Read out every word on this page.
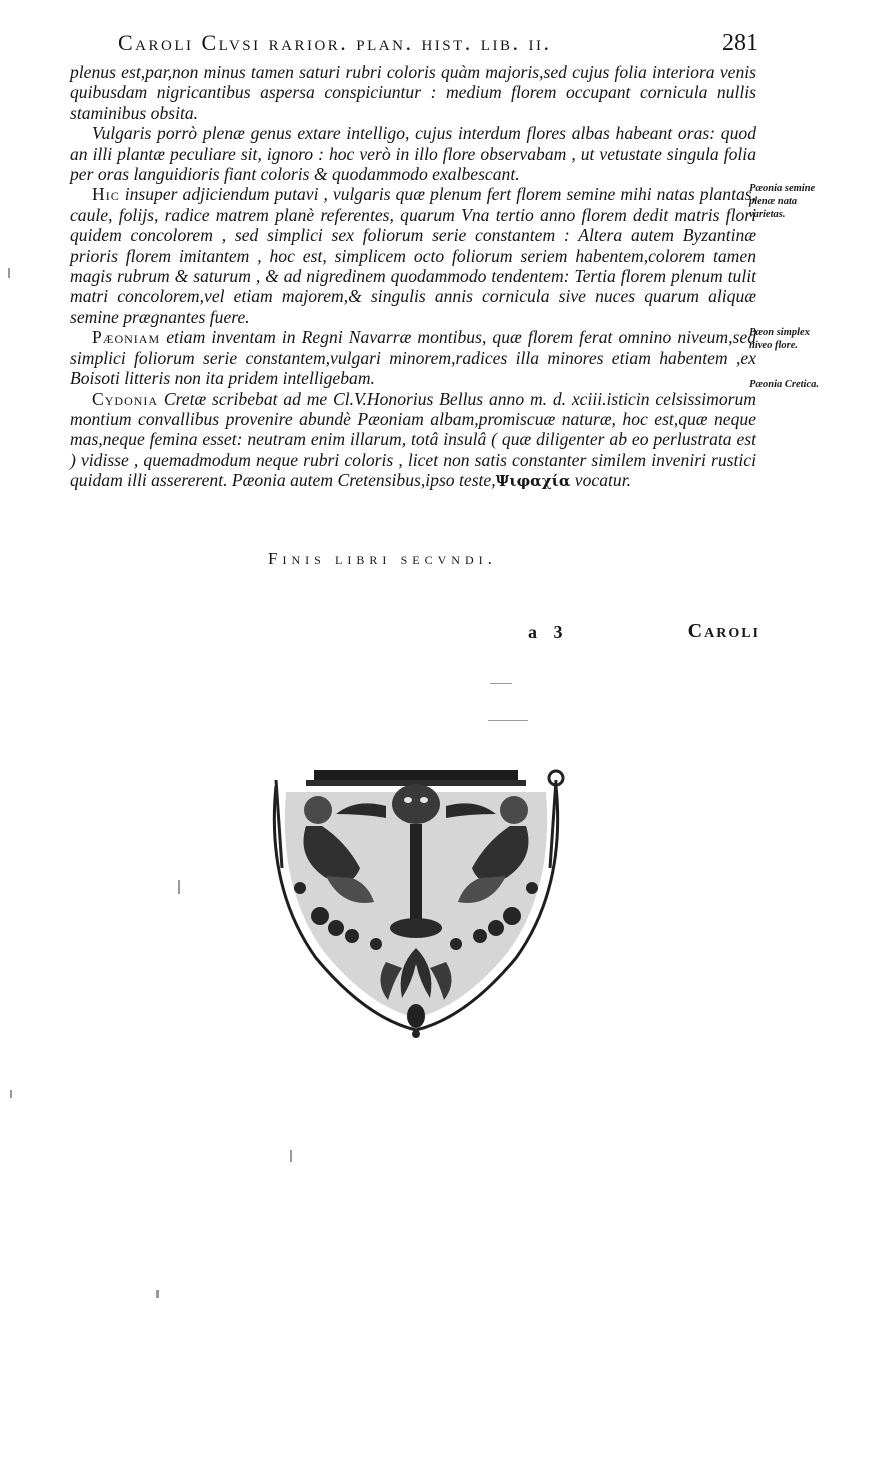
Caroli Clvsi rarior. plan. hist. lib. ii.	281

plenus est,par,non minus tamen saturi rubri coloris quàm majoris,sed cujus folia interiora venis quibusdam nigricantibus aspersa conspiciuntur : medium florem occupant cornicula nullis staminibus obsita.

Vulgaris porrò plenæ genus extare intelligo, cujus interdum flores albas habeant oras: quod an illi plantæ peculiare sit, ignoro : hoc verò in illo flore observabam , ut vetustate singula folia per oras languidioris fiant coloris & quodammodo exalbescant.

Hic insuper adjiciendum putavi , vulgaris quæ plenum fert florem semine mihi natas plantas, caule, folijs, radice matrem planè referentes, quarum Vna tertio anno florem dedit matris flori quidem concolorem , sed simplici sex foliorum serie constantem : Altera autem Byzantinæ prioris florem imitantem , hoc est, simplicem octo foliorum seriem habentem,colorem tamen magis rubrum & saturum , & ad nigredinem quodammodo tendentem: Tertia florem plenum tulit matri concolorem,vel etiam majorem,& singulis annis cornicula sive nuces quarum aliquæ semine prægnantes fuere.

Pæoniam etiam inventam in Regni Navarræ montibus, quæ florem ferat omnino niveum,sed simplici foliorum serie constantem,vulgari minorem,radices illa minores etiam habentem ,ex Boisoti litteris non ita pridem intelligebam.

Cydonia Cretæ scribebat ad me Cl.V.Honorius Bellus anno m. d. xciii.isticin celsissimorum montium convallibus provenire abundè Pæoniam albam,promiscuæ naturæ, hoc est,quæ neque mas,neque femina esset: neutram enim illarum, totâ insulâ ( quæ diligenter ab eo perlustrata est ) vidisse , quemadmodum neque rubri coloris , licet non satis constanter similem inveniri rustici quidam illi assererent. Pæonia autem Cretensibus,ipso teste,Ψιφαχία vocatur.

Pæonia semine plenæ nata varietas.
Pæon simplex niveo flore.
Pæonia Cretica.
Finis libri secvndi.
a 3	Caroli
